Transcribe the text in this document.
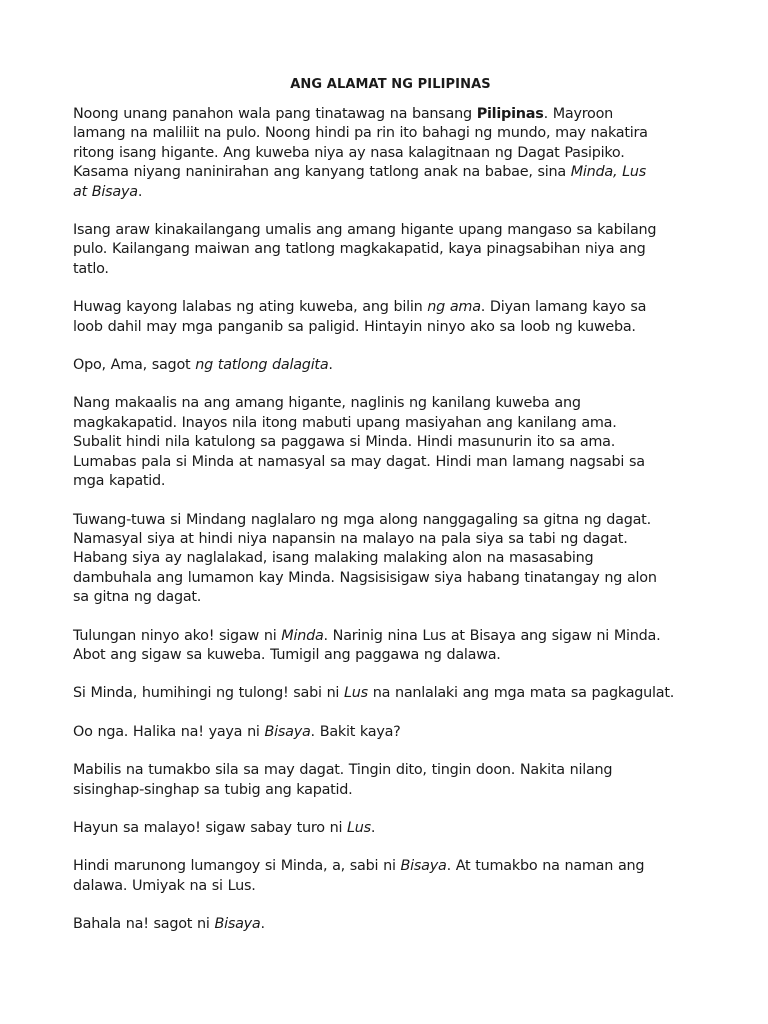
ANG ALAMAT NG PILIPINAS

Noong unang panahon wala pang tinatawag na bansang Pilipinas. Mayroon
lamang na maliliit na pulo. Noong hindi pa rin ito bahagi ng mundo, may nakatira
ritong isang higante. Ang kuweba niya ay nasa kalagitnaan ng Dagat Pasipiko.
Kasama niyang naninirahan ang kanyang tatlong anak na babae, sina Minda, Lus
at Bisaya.

Isang araw kinakailangang umalis ang amang higante upang mangaso sa kabilang
pulo. Kailangang maiwan ang tatlong magkakapatid, kaya pinagsabihan niya ang
tatlo.

Huwag kayong lalabas ng ating kuweba, ang bilin ng ama. Diyan lamang kayo sa
loob dahil may mga panganib sa paligid. Hintayin ninyo ako sa loob ng kuweba.

Opo, Ama, sagot ng tatlong dalagita.

Nang makaalis na ang amang higante, naglinis ng kanilang kuweba ang
magkakapatid. Inayos nila itong mabuti upang masiyahan ang kanilang ama.
Subalit hindi nila katulong sa paggawa si Minda. Hindi masunurin ito sa ama.
Lumabas pala si Minda at namasyal sa may dagat. Hindi man lamang nagsabi sa
mga kapatid.

Tuwang-tuwa si Mindang naglalaro ng mga along nanggagaling sa gitna ng dagat.
Namasyal siya at hindi niya napansin na malayo na pala siya sa tabi ng dagat.
Habang siya ay naglalakad, isang malaking malaking alon na masasabing
dambuhala ang lumamon kay Minda. Nagsisisigaw siya habang tinatangay ng alon
sa gitna ng dagat.

Tulungan ninyo ako! sigaw ni Minda. Narinig nina Lus at Bisaya ang sigaw ni Minda.
Abot ang sigaw sa kuweba. Tumigil ang paggawa ng dalawa.

Si Minda, humihingi ng tulong! sabi ni Lus na nanlalaki ang mga mata sa pagkagulat.

Oo nga. Halika na! yaya ni Bisaya. Bakit kaya?

Mabilis na tumakbo sila sa may dagat. Tingin dito, tingin doon. Nakita nilang
sisinghap-singhap sa tubig ang kapatid.

Hayun sa malayo! sigaw sabay turo ni Lus.

Hindi marunong lumangoy si Minda, a, sabi ni Bisaya. At tumakbo na naman ang
dalawa. Umiyak na si Lus.

Bahala na! sagot ni Bisaya.
